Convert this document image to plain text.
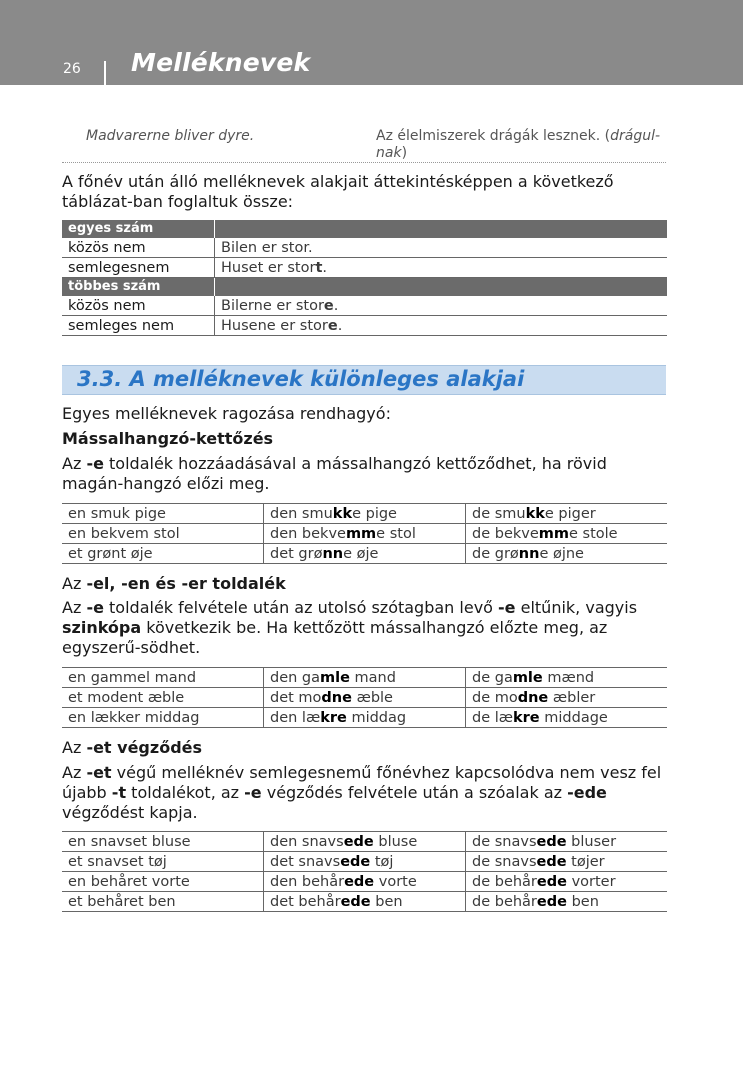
26 Melléknevek
Madvarerne bliver dyre.	Az élelmiszerek drágák lesznek. (drágul-nak)
A főnév után álló melléknevek alakjait áttekintésképpen a következő táblázat-ban foglaltuk össze:
egyes szám	
közös nem	Bilen er stor.
semlegesnem	Huset er stort.
többes szám	
közös nem	Bilerne er store.
semleges nem	Husene er store.
3.3. A melléknevek különleges alakjai
Egyes melléknevek ragozása rendhagyó:
Mássalhangzó-kettőzés
Az -e toldalék hozzáadásával a mássalhangzó kettőződhet, ha rövid magán-hangzó előzi meg.
en smuk pige	den smukke pige	de smukke piger
en bekvem stol	den bekvemme stol	de bekvemme stole
et grønt øje	det grønne øje	de grønne øjne
Az -el, -en és -er toldalék
Az -e toldalék felvétele után az utolsó szótagban levő -e eltűnik, vagyis szinkópa következik be. Ha kettőzött mássalhangzó előzte meg, az egyszerű-södhet.
en gammel mand	den gamle mand	de gamle mænd
et modent æble	det modne æble	de modne æbler
en lækker middag	den lækre middag	de lækre middage
Az -et végződés
Az -et végű melléknév semlegesnemű főnévhez kapcsolódva nem vesz fel újabb -t toldalékot, az -e végződés felvétele után a szóalak az -ede végződést kapja.
en snavset bluse	den snavsede bluse	de snavsede bluser
et snavset tøj	det snavsede tøj	de snavsede tøjer
en behåret vorte	den behårede vorte	de behårede vorter
et behåret ben	det behårede ben	de behårede ben
